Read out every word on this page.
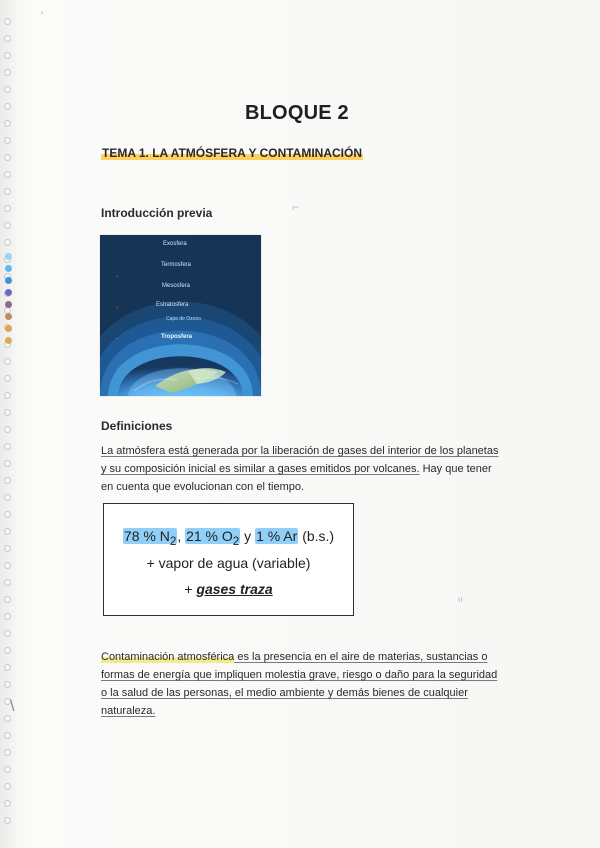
'
⌐
\
BLOQUE 2
TEMA 1. LA ATMÓSFERA Y CONTAMINACIÓN
Introducción previa
Exosfera
Termosfera
Mesosfera
Estratosfera
Capa de Ozono
Troposfera
◦
◦
◦
◦
◦
Definiciones
La atmósfera está generada por la liberación de gases del interior de los planetas y su composición inicial es similar a gases emitidos por volcanes. Hay que tener en cuenta que evolucionan con el tiempo.
78 % $N_2$, 21 % $O_2$ y 1 % Ar (b.s.)
+ vapor de agua (variable)
+ gases traza
ıı
Contaminación atmosférica es la presencia en el aire de materias, sustancias o formas de energía que impliquen molestia grave, riesgo o daño para la seguridad o la salud de las personas, el medio ambiente y demás bienes de cualquier naturaleza.
